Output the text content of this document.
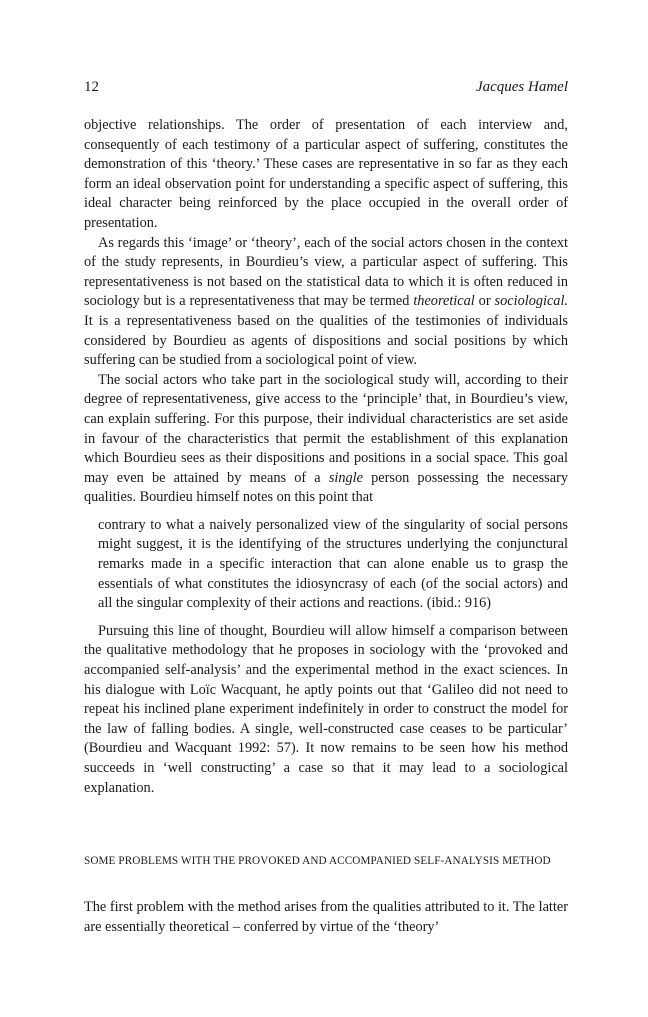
12	Jacques Hamel

objective relationships. The order of presentation of each interview and, consequently of each testimony of a particular aspect of suffering, constitutes the demonstration of this ‘theory.’ These cases are representative in so far as they each form an ideal observation point for understanding a specific aspect of suffering, this ideal character being reinforced by the place occupied in the overall order of presentation.

As regards this ‘image’ or ‘theory’, each of the social actors chosen in the context of the study represents, in Bourdieu’s view, a particular aspect of suffering. This representativeness is not based on the statistical data to which it is often reduced in sociology but is a representativeness that may be termed theoretical or sociological. It is a representativeness based on the qualities of the testimonies of individuals considered by Bourdieu as agents of dispositions and social positions by which suffering can be studied from a sociological point of view.

The social actors who take part in the sociological study will, according to their degree of representativeness, give access to the ‘principle’ that, in Bourdieu’s view, can explain suffering. For this purpose, their individual characteristics are set aside in favour of the characteristics that permit the establishment of this explanation which Bourdieu sees as their dispositions and positions in a social space. This goal may even be attained by means of a single person possessing the necessary qualities. Bourdieu himself notes on this point that

contrary to what a naively personalized view of the singularity of social persons might suggest, it is the identifying of the structures underlying the conjunctural remarks made in a specific interaction that can alone enable us to grasp the essentials of what constitutes the idiosyncrasy of each (of the social actors) and all the singular complexity of their actions and reactions. (ibid.: 916)

Pursuing this line of thought, Bourdieu will allow himself a comparison between the qualitative methodology that he proposes in sociology with the ‘provoked and accompanied self-analysis’ and the experimental method in the exact sciences. In his dialogue with Loïc Wacquant, he aptly points out that ‘Galileo did not need to repeat his inclined plane experiment indefinitely in order to construct the model for the law of falling bodies. A single, well-constructed case ceases to be particular’ (Bourdieu and Wacquant 1992: 57). It now remains to be seen how his method succeeds in ‘well constructing’ a case so that it may lead to a sociological explanation.

SOME PROBLEMS WITH THE PROVOKED AND ACCOMPANIED SELF-ANALYSIS METHOD

The first problem with the method arises from the qualities attributed to it. The latter are essentially theoretical – conferred by virtue of the ‘theory’
